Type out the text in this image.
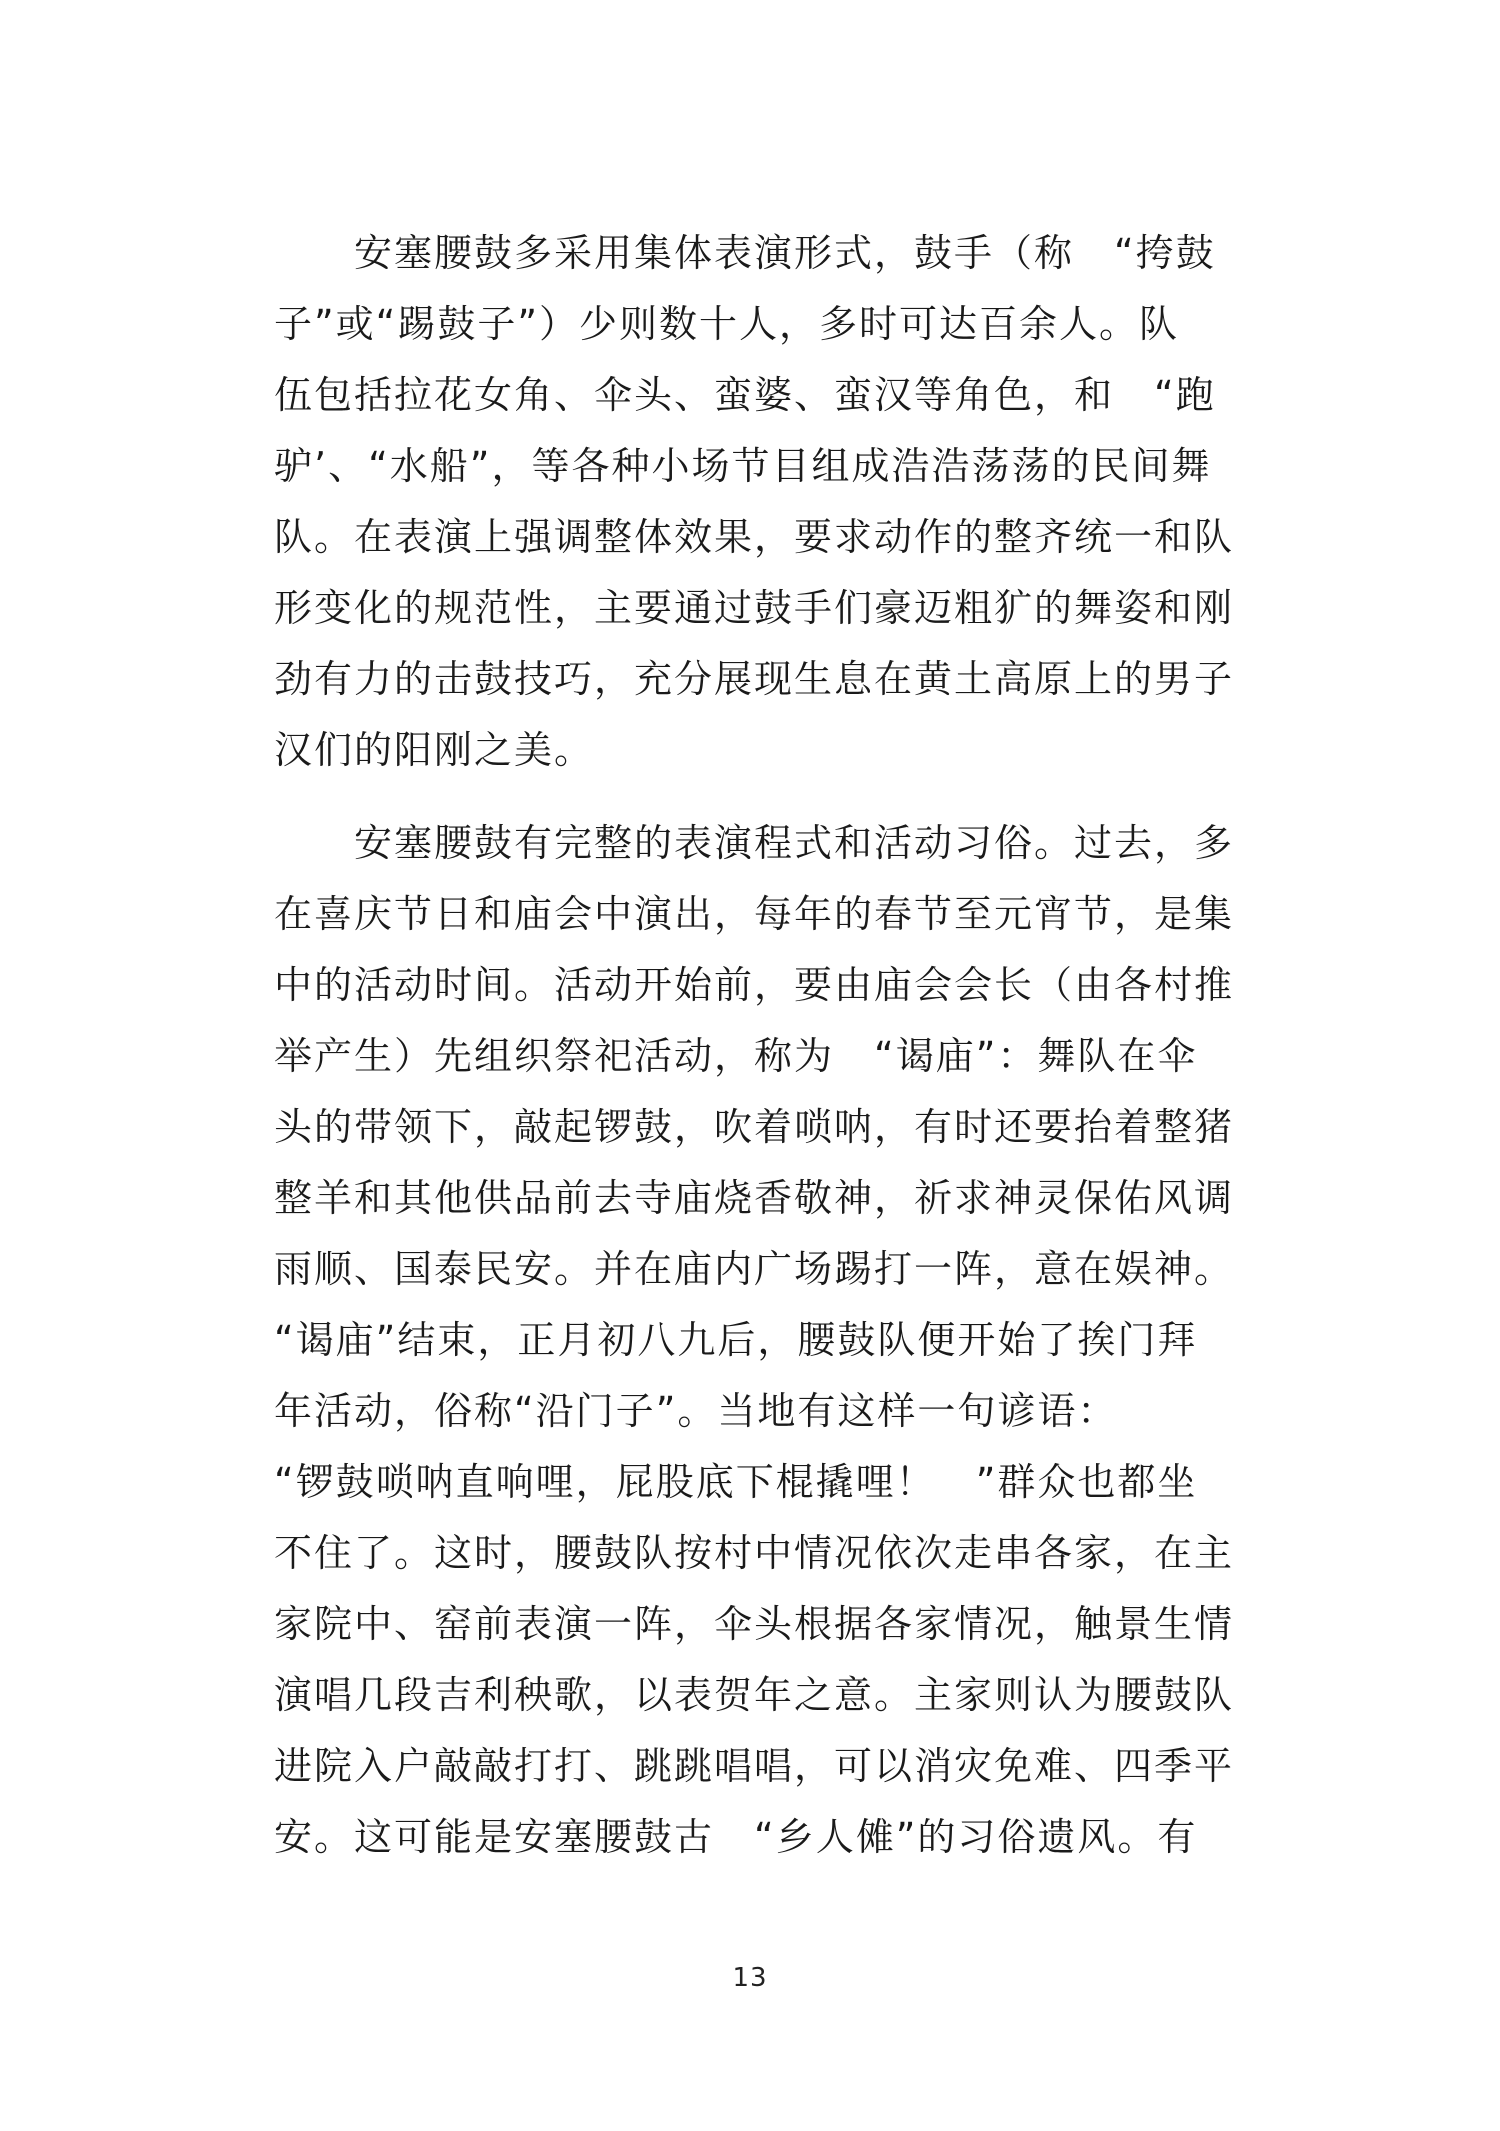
　　安塞腰鼓多采用集体表演形式，鼓手（称　“挎鼓
子”或“踢鼓子”）少则数十人，多时可达百余人。队
伍包括拉花女角、伞头、蛮婆、蛮汉等角色，和　“跑
驴’、“水船”，等各种小场节目组成浩浩荡荡的民间舞
队。在表演上强调整体效果，要求动作的整齐统一和队
形变化的规范性，主要通过鼓手们豪迈粗犷的舞姿和刚
劲有力的击鼓技巧，充分展现生息在黄土高原上的男子
汉们的阳刚之美。
　　安塞腰鼓有完整的表演程式和活动习俗。过去，多
在喜庆节日和庙会中演出，每年的春节至元宵节，是集
中的活动时间。活动开始前，要由庙会会长（由各村推
举产生）先组织祭祀活动，称为　“谒庙”：舞队在伞
头的带领下，敲起锣鼓，吹着唢呐，有时还要抬着整猪
整羊和其他供品前去寺庙烧香敬神，祈求神灵保佑风调
雨顺、国泰民安。并在庙内广场踢打一阵，意在娱神。
“谒庙”结束，正月初八九后，腰鼓队便开始了挨门拜
年活动，俗称“沿门子”。当地有这样一句谚语：
“锣鼓唢呐直响哩，屁股底下棍撬哩！　”群众也都坐
不住了。这时，腰鼓队按村中情况依次走串各家，在主
家院中、窑前表演一阵，伞头根据各家情况，触景生情
演唱几段吉利秧歌，以表贺年之意。主家则认为腰鼓队
进院入户敲敲打打、跳跳唱唱，可以消灾免难、四季平
安。这可能是安塞腰鼓古　“乡人傩”的习俗遗风。有
13
